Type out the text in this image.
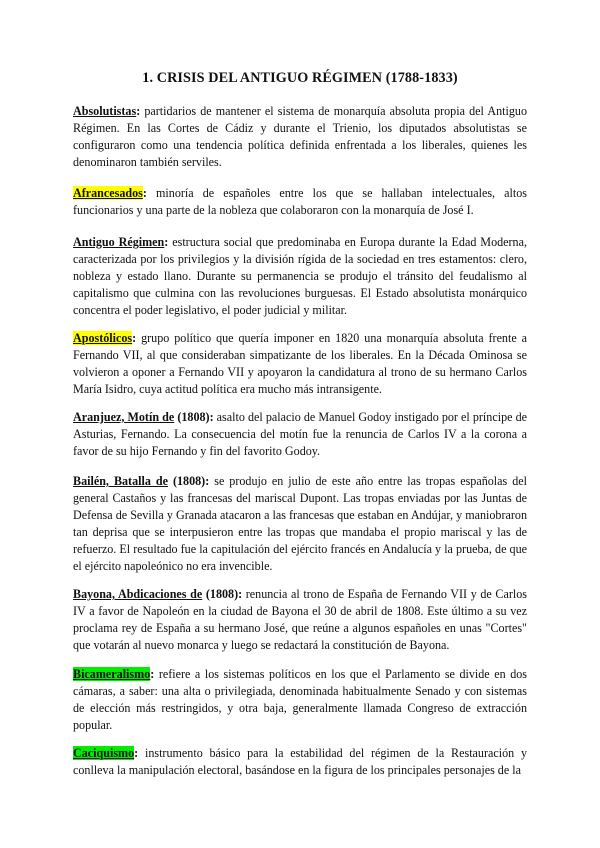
1. CRISIS DEL ANTIGUO RÉGIMEN (1788-1833)
Absolutistas: partidarios de mantener el sistema de monarquía absoluta propia del Antiguo Régimen. En las Cortes de Cádiz y durante el Trienio, los diputados absolutistas se configuraron como una tendencia política definida enfrentada a los liberales, quienes les denominaron también serviles.
Afrancesados: minoría de españoles entre los que se hallaban intelectuales, altos funcionarios y una parte de la nobleza que colaboraron con la monarquía de José I.
Antiguo Régimen: estructura social que predominaba en Europa durante la Edad Moderna, caracterizada por los privilegios y la división rígida de la sociedad en tres estamentos: clero, nobleza y estado llano. Durante su permanencia se produjo el tránsito del feudalismo al capitalismo que culmina con las revoluciones burguesas. El Estado absolutista monárquico concentra el poder legislativo, el poder judicial y militar.
Apostólicos: grupo político que quería imponer en 1820 una monarquía absoluta frente a Fernando VII, al que consideraban simpatizante de los liberales. En la Década Ominosa se volvieron a oponer a Fernando VII y apoyaron la candidatura al trono de su hermano Carlos María Isidro, cuya actitud política era mucho más intransigente.
Aranjuez, Motín de (1808): asalto del palacio de Manuel Godoy instigado por el príncipe de Asturias, Fernando. La consecuencia del motín fue la renuncia de Carlos IV a la corona a favor de su hijo Fernando y fin del favorito Godoy.
Bailén, Batalla de (1808): se produjo en julio de este año entre las tropas españolas del general Castaños y las francesas del mariscal Dupont. Las tropas enviadas por las Juntas de Defensa de Sevilla y Granada atacaron a las francesas que estaban en Andújar, y maniobraron tan deprisa que se interpusieron entre las tropas que mandaba el propio mariscal y las de refuerzo. El resultado fue la capitulación del ejército francés en Andalucía y la prueba, de que el ejército napoleónico no era invencible.
Bayona, Abdicaciones de (1808): renuncia al trono de España de Fernando VII y de Carlos IV a favor de Napoleón en la ciudad de Bayona el 30 de abril de 1808. Este último a su vez proclama rey de España a su hermano José, que reúne a algunos españoles en unas "Cortes" que votarán al nuevo monarca y luego se redactará la constitución de Bayona.
Bicameralismo: refiere a los sistemas políticos en los que el Parlamento se divide en dos cámaras, a saber: una alta o privilegiada, denominada habitualmente Senado y con sistemas de elección más restringidos, y otra baja, generalmente llamada Congreso de extracción popular.
Caciquismo: instrumento básico para la estabilidad del régimen de la Restauración y conlleva la manipulación electoral, basándose en la figura de los principales personajes de la
